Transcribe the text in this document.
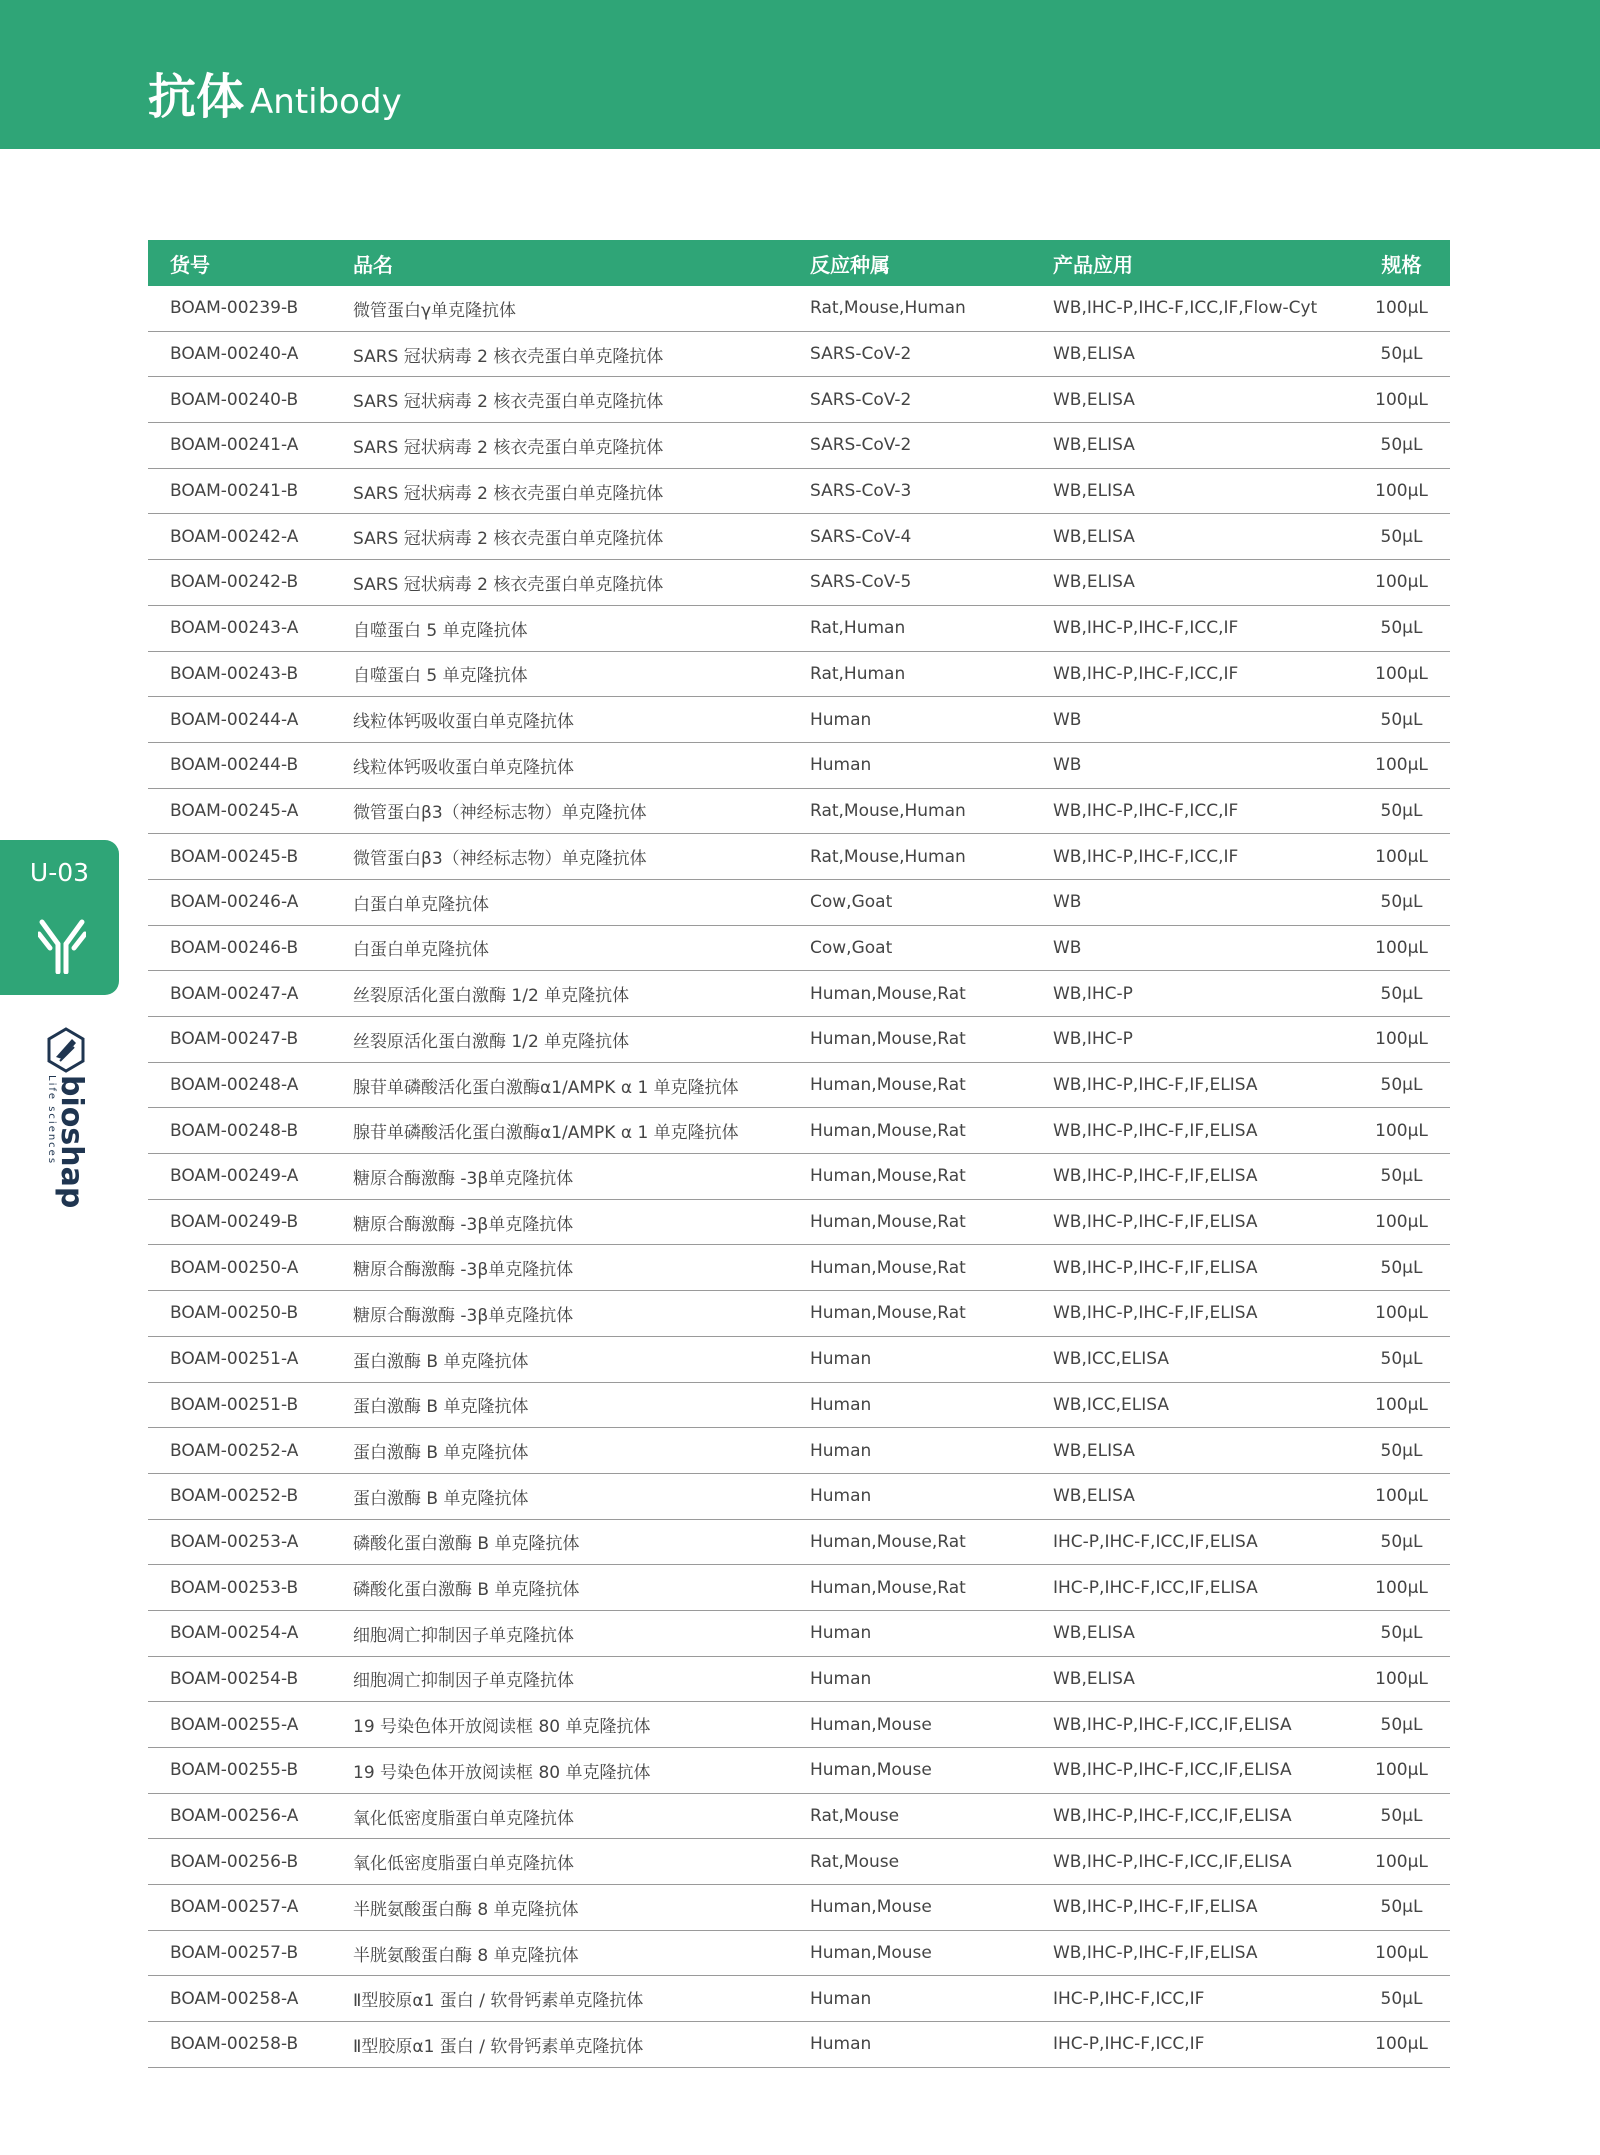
抗体 Antibody
U-03
bioshap
Life sciences
货号	品名	反应种属	产品应用	规格
BOAM-00239-B	微管蛋白γ单克隆抗体	Rat,Mouse,Human	WB,IHC-P,IHC-F,ICC,IF,Flow-Cyt	100μL
BOAM-00240-A	SARS 冠状病毒 2 核衣壳蛋白单克隆抗体	SARS-CoV-2	WB,ELISA	50μL
BOAM-00240-B	SARS 冠状病毒 2 核衣壳蛋白单克隆抗体	SARS-CoV-2	WB,ELISA	100μL
BOAM-00241-A	SARS 冠状病毒 2 核衣壳蛋白单克隆抗体	SARS-CoV-2	WB,ELISA	50μL
BOAM-00241-B	SARS 冠状病毒 2 核衣壳蛋白单克隆抗体	SARS-CoV-3	WB,ELISA	100μL
BOAM-00242-A	SARS 冠状病毒 2 核衣壳蛋白单克隆抗体	SARS-CoV-4	WB,ELISA	50μL
BOAM-00242-B	SARS 冠状病毒 2 核衣壳蛋白单克隆抗体	SARS-CoV-5	WB,ELISA	100μL
BOAM-00243-A	自噬蛋白 5 单克隆抗体	Rat,Human	WB,IHC-P,IHC-F,ICC,IF	50μL
BOAM-00243-B	自噬蛋白 5 单克隆抗体	Rat,Human	WB,IHC-P,IHC-F,ICC,IF	100μL
BOAM-00244-A	线粒体钙吸收蛋白单克隆抗体	Human	WB	50μL
BOAM-00244-B	线粒体钙吸收蛋白单克隆抗体	Human	WB	100μL
BOAM-00245-A	微管蛋白β3（神经标志物）单克隆抗体	Rat,Mouse,Human	WB,IHC-P,IHC-F,ICC,IF	50μL
BOAM-00245-B	微管蛋白β3（神经标志物）单克隆抗体	Rat,Mouse,Human	WB,IHC-P,IHC-F,ICC,IF	100μL
BOAM-00246-A	白蛋白单克隆抗体	Cow,Goat	WB	50μL
BOAM-00246-B	白蛋白单克隆抗体	Cow,Goat	WB	100μL
BOAM-00247-A	丝裂原活化蛋白激酶 1/2 单克隆抗体	Human,Mouse,Rat	WB,IHC-P	50μL
BOAM-00247-B	丝裂原活化蛋白激酶 1/2 单克隆抗体	Human,Mouse,Rat	WB,IHC-P	100μL
BOAM-00248-A	腺苷单磷酸活化蛋白激酶α1/AMPK α 1 单克隆抗体	Human,Mouse,Rat	WB,IHC-P,IHC-F,IF,ELISA	50μL
BOAM-00248-B	腺苷单磷酸活化蛋白激酶α1/AMPK α 1 单克隆抗体	Human,Mouse,Rat	WB,IHC-P,IHC-F,IF,ELISA	100μL
BOAM-00249-A	糖原合酶激酶 -3β单克隆抗体	Human,Mouse,Rat	WB,IHC-P,IHC-F,IF,ELISA	50μL
BOAM-00249-B	糖原合酶激酶 -3β单克隆抗体	Human,Mouse,Rat	WB,IHC-P,IHC-F,IF,ELISA	100μL
BOAM-00250-A	糖原合酶激酶 -3β单克隆抗体	Human,Mouse,Rat	WB,IHC-P,IHC-F,IF,ELISA	50μL
BOAM-00250-B	糖原合酶激酶 -3β单克隆抗体	Human,Mouse,Rat	WB,IHC-P,IHC-F,IF,ELISA	100μL
BOAM-00251-A	蛋白激酶 B 单克隆抗体	Human	WB,ICC,ELISA	50μL
BOAM-00251-B	蛋白激酶 B 单克隆抗体	Human	WB,ICC,ELISA	100μL
BOAM-00252-A	蛋白激酶 B 单克隆抗体	Human	WB,ELISA	50μL
BOAM-00252-B	蛋白激酶 B 单克隆抗体	Human	WB,ELISA	100μL
BOAM-00253-A	磷酸化蛋白激酶 B 单克隆抗体	Human,Mouse,Rat	IHC-P,IHC-F,ICC,IF,ELISA	50μL
BOAM-00253-B	磷酸化蛋白激酶 B 单克隆抗体	Human,Mouse,Rat	IHC-P,IHC-F,ICC,IF,ELISA	100μL
BOAM-00254-A	细胞凋亡抑制因子单克隆抗体	Human	WB,ELISA	50μL
BOAM-00254-B	细胞凋亡抑制因子单克隆抗体	Human	WB,ELISA	100μL
BOAM-00255-A	19 号染色体开放阅读框 80 单克隆抗体	Human,Mouse	WB,IHC-P,IHC-F,ICC,IF,ELISA	50μL
BOAM-00255-B	19 号染色体开放阅读框 80 单克隆抗体	Human,Mouse	WB,IHC-P,IHC-F,ICC,IF,ELISA	100μL
BOAM-00256-A	氧化低密度脂蛋白单克隆抗体	Rat,Mouse	WB,IHC-P,IHC-F,ICC,IF,ELISA	50μL
BOAM-00256-B	氧化低密度脂蛋白单克隆抗体	Rat,Mouse	WB,IHC-P,IHC-F,ICC,IF,ELISA	100μL
BOAM-00257-A	半胱氨酸蛋白酶 8 单克隆抗体	Human,Mouse	WB,IHC-P,IHC-F,IF,ELISA	50μL
BOAM-00257-B	半胱氨酸蛋白酶 8 单克隆抗体	Human,Mouse	WB,IHC-P,IHC-F,IF,ELISA	100μL
BOAM-00258-A	Ⅱ型胶原α1 蛋白 / 软骨钙素单克隆抗体	Human	IHC-P,IHC-F,ICC,IF	50μL
BOAM-00258-B	Ⅱ型胶原α1 蛋白 / 软骨钙素单克隆抗体	Human	IHC-P,IHC-F,ICC,IF	100μL
